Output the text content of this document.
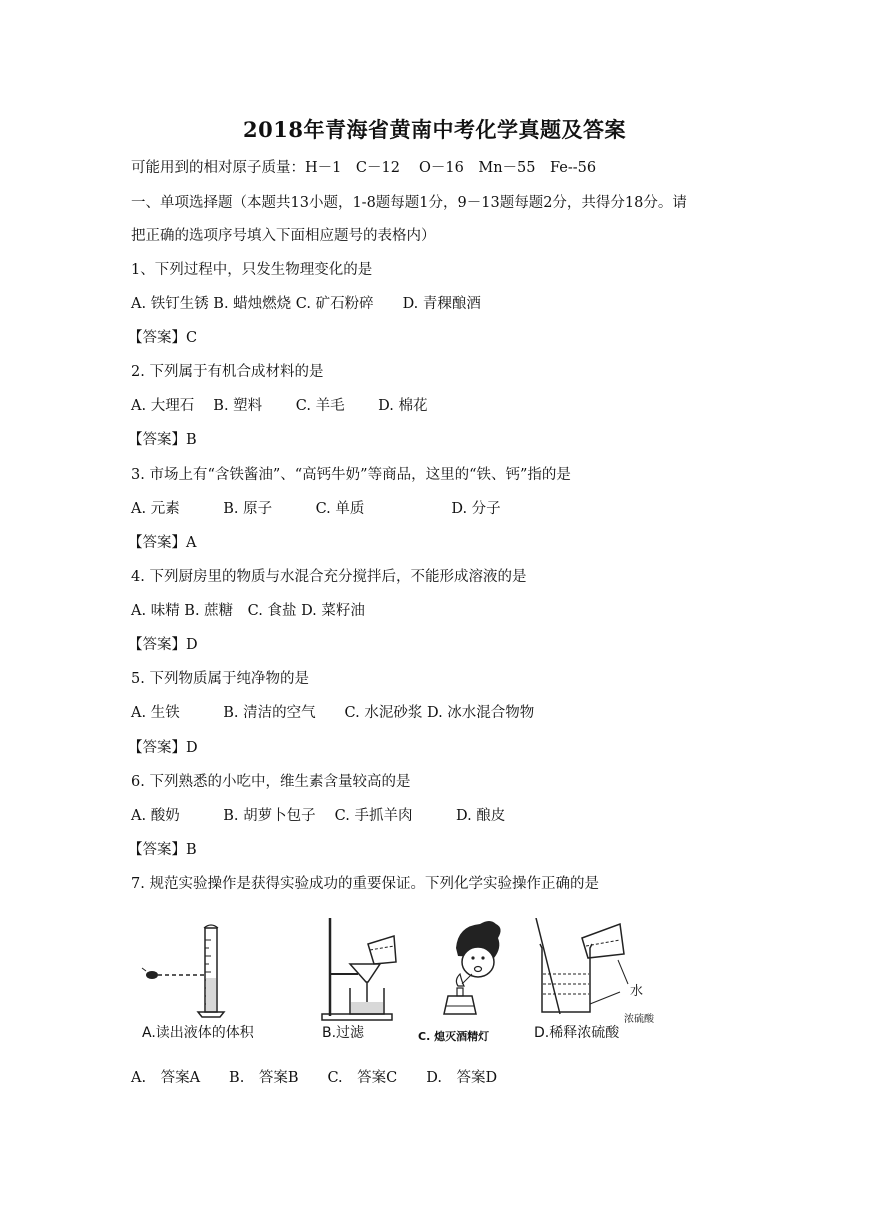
2018年青海省黄南中考化学真题及答案
可能用到的相对原子质量：H－1　C－12　 O－16　Mn－55　Fe--56
一、单项选择题（本题共13小题，1-8题每题1分，9－13题每题2分，共得分18分。请
把正确的选项序号填入下面相应题号的表格内）
1、下列过程中，只发生物理变化的是
A. 铁钉生锈 B. 蜡烛燃烧 C. 矿石粉碎　　D. 青稞酿酒
【答案】C
2. 下列属于有机合成材料的是
A. 大理石　 B. 塑料　　 C. 羊毛　　 D. 棉花
【答案】B
3. 市场上有“含铁酱油”、“高钙牛奶”等商品，这里的“铁、钙”指的是
A. 元素　　　B. 原子　　　C. 单质　　　　　　D. 分子
【答案】A
4. 下列厨房里的物质与水混合充分搅拌后，不能形成溶液的是
A. 味精 B. 蔗糖　C. 食盐 D. 菜籽油
【答案】D
5. 下列物质属于纯净物的是
A. 生铁　　　B. 清洁的空气　　C. 水泥砂浆 D. 冰水混合物物
【答案】D
6. 下列熟悉的小吃中，维生素含量较高的是
A. 酸奶　　　B. 胡萝卜包子　 C. 手抓羊肉　　　D. 酿皮
【答案】B
7. 规范实验操作是获得实验成功的重要保证。下列化学实验操作正确的是
A.读出液体的体积	B.过滤	C. 熄灭酒精灯
水
浓硫酸
D.稀释浓硫酸
A.　答案A　　B.　答案B　　C.　答案C　　D.　答案D
